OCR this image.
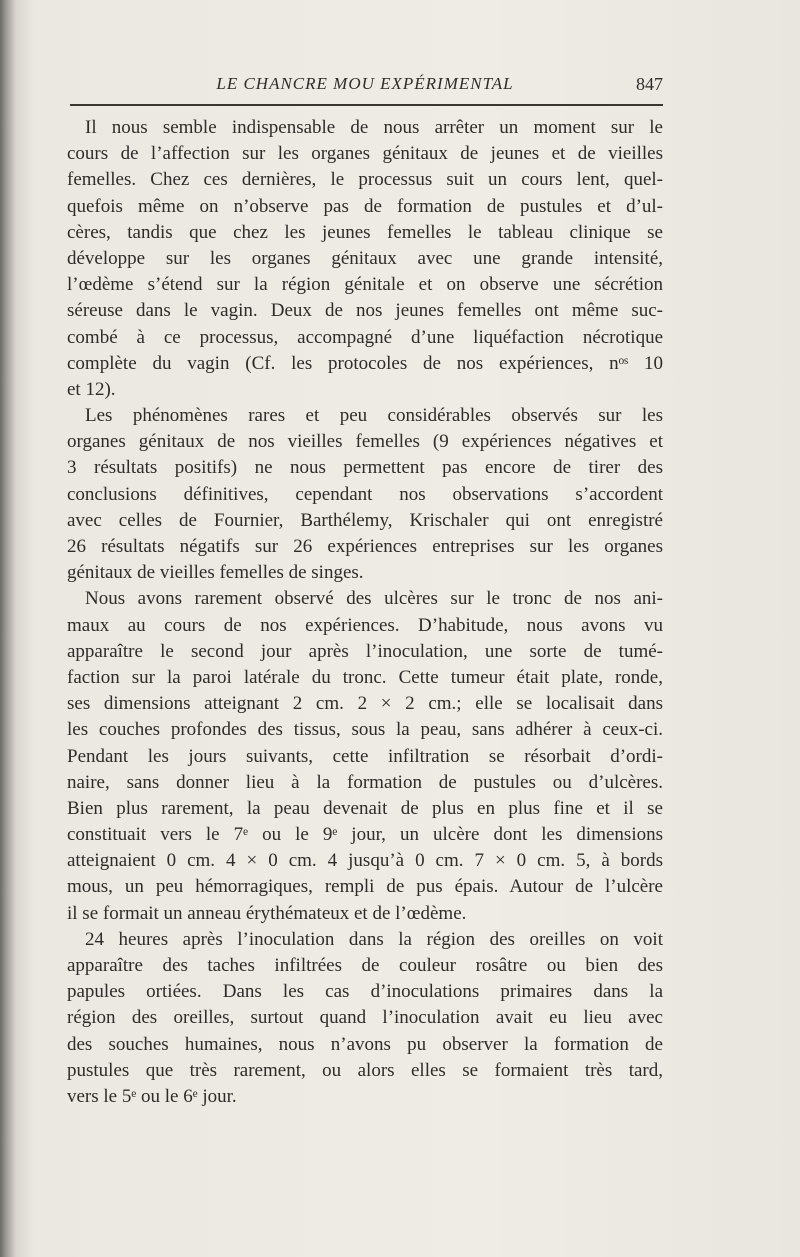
LE CHANCRE MOU EXPÉRIMENTAL	847
Il nous semble indispensable de nous arrêter un moment sur le
cours de l’affection sur les organes génitaux de jeunes et de vieilles
femelles. Chez ces dernières, le processus suit un cours lent, quel-
quefois même on n’observe pas de formation de pustules et d’ul-
cères, tandis que chez les jeunes femelles le tableau clinique se
développe sur les organes génitaux avec une grande intensité,
l’œdème s’étend sur la région génitale et on observe une sécrétion
séreuse dans le vagin. Deux de nos jeunes femelles ont même suc-
combé à ce processus, accompagné d’une liquéfaction nécrotique
complète du vagin (Cf. les protocoles de nos expériences, nᵒˢ 10
et 12).
Les phénomènes rares et peu considérables observés sur les
organes génitaux de nos vieilles femelles (9 expériences négatives et
3 résultats positifs) ne nous permettent pas encore de tirer des
conclusions définitives, cependant nos observations s’accordent
avec celles de Fournier, Barthélemy, Krischaler qui ont enregistré
26 résultats négatifs sur 26 expériences entreprises sur les organes
génitaux de vieilles femelles de singes.
Nous avons rarement observé des ulcères sur le tronc de nos ani-
maux au cours de nos expériences. D’habitude, nous avons vu
apparaître le second jour après l’inoculation, une sorte de tumé-
faction sur la paroi latérale du tronc. Cette tumeur était plate, ronde,
ses dimensions atteignant 2 cm. 2 × 2 cm.; elle se localisait dans
les couches profondes des tissus, sous la peau, sans adhérer à ceux-ci.
Pendant les jours suivants, cette infiltration se résorbait d’ordi-
naire, sans donner lieu à la formation de pustules ou d’ulcères.
Bien plus rarement, la peau devenait de plus en plus fine et il se
constituait vers le 7ᵉ ou le 9ᵉ jour, un ulcère dont les dimensions
atteignaient 0 cm. 4 × 0 cm. 4 jusqu’à 0 cm. 7 × 0 cm. 5, à bords
mous, un peu hémorragiques, rempli de pus épais. Autour de l’ulcère
il se formait un anneau érythémateux et de l’œdème.
24 heures après l’inoculation dans la région des oreilles on voit
apparaître des taches infiltrées de couleur rosâtre ou bien des
papules ortiées. Dans les cas d’inoculations primaires dans la
région des oreilles, surtout quand l’inoculation avait eu lieu avec
des souches humaines, nous n’avons pu observer la formation de
pustules que très rarement, ou alors elles se formaient très tard,
vers le 5ᵉ ou le 6ᵉ jour.
